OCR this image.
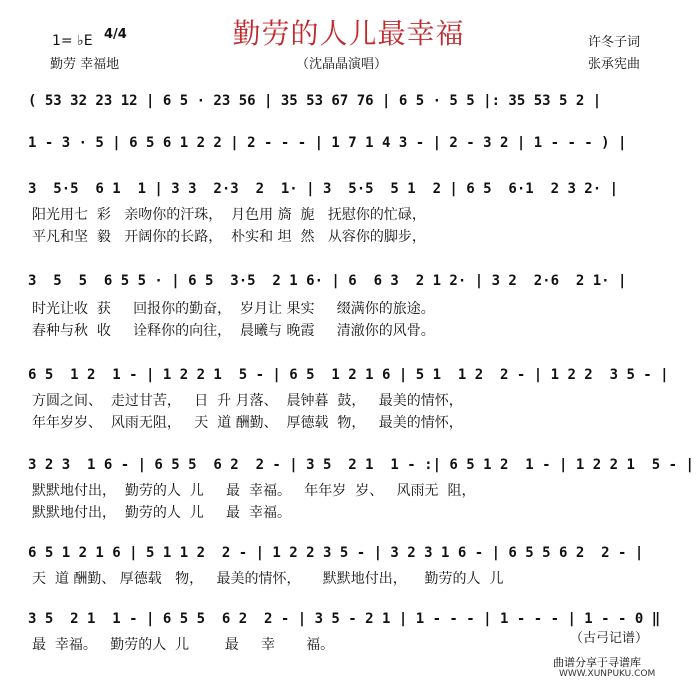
1= ♭E 4/4	勤劳的人儿最幸福	许冬子词
勤劳 幸福地	（沈晶晶演唱）	张承宪曲
( 53 32 23 12 | 6 5 · 23 56 | 35 53 67 76 | 6 5 · 5 5 |: 35 53 5 2 |
1 - 3 · 5 | 6 5 6 1 2 2 | 2 - - - | 1 7 1 4 3 - | 2 - 3 2 | 1 - - - ) |
3  5·5  6 1  1 | 3 3  2·3  2  1· | 3  5·5  5 1  2 | 6 5  6·1  2 3 2· |
阳光用七  彩   亲吻你的汗珠，  月色用 旖  旎   抚慰你的忙碌，
平凡和坚  毅   开阔你的长路，  朴实和 坦  然   从容你的脚步，
3  5  5  6 5 5 · | 6 5  3·5  2 1 6· | 6  6 3  2 1 2· | 3 2  2·6  2 1· |
时光让收  获     回报你的勤奋，  岁月让 果实     缀满你的旅途。
春种与秋  收     诠释你的向往，  晨曦与 晚霞     清澈你的风骨。
6 5  1 2  1 - | 1 2 2 1  5 - | 6 5  1 2 1 6 | 5 1  1 2  2 - | 1 2 2  3 5 - |
方圆之间、  走过甘苦，   日  升 月落、  晨钟暮  鼓，   最美的情怀，
年年岁岁、  风雨无阻，   天  道 酬勤、  厚德载  物，   最美的情怀，
3 2 3  1 6 - | 6 5 5  6 2  2 - | 3 5  2 1  1 - :| 6 5 1 2  1 - | 1 2 2 1  5 - |
默默地付出，  勤劳的人  儿     最  幸福。   年年岁  岁、   风雨无  阻，
默默地付出，  勤劳的人  儿     最  幸福。
6 5 1 2 1 6 | 5 1 1 2  2 - | 1 2 2 3 5 - | 3 2 3 1 6 - | 6 5 5 6 2  2 - |
天  道 酬勤、 厚德载   物，   最美的情怀，     默默地付出，    勤劳的人  儿
3 5  2 1  1 - | 6 5 5  6 2  2 - | 3 5 - 2 1 | 1 - - - | 1 - - - | 1 - - 0 ‖
最  幸福。   勤劳的人  儿        最     幸       福。	（古弓记谱）
曲谱分享于寻谱库
WWW.XUNPUKU.COM
